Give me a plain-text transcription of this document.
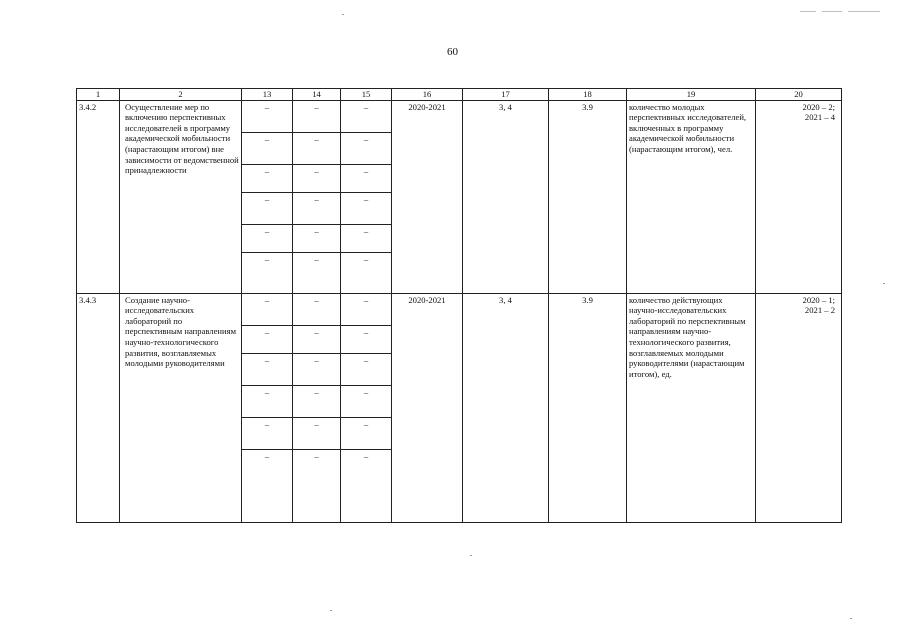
60
1	2	13	14	15	16	17	18	19	20
3.4.2	Осуществление мер по включению перспективных исследователей в программу академической мобильности (нарастающим итогом) вне зависимости от ведомственной принадлежности	–	–	–	2020-2021	3, 4	3.9	количество молодых перспективных исследователей, включенных в программу академической мобильности (нарастающим итогом), чел.	2020 – 2;
2021 – 4

		–	–	–					
		–	–	–					
		–	–	–					
		–	–	–					
		–	–	–					
3.4.3	Создание научно-исследовательских лабораторий по перспективным направлениям научно-технологического развития, возглавляемых молодыми руководителями	–	–	–	2020-2021	3, 4	3.9	количество действующих научно-исследовательских лабораторий по перспективным направлениям научно-технологического развития, возглавляемых молодыми руководителями (нарастающим итогом), ед.	2020 – 1;
2021 – 2

		–	–	–					
		–	–	–					
		–	–	–					
		–	–	–					
		–	–	–					
